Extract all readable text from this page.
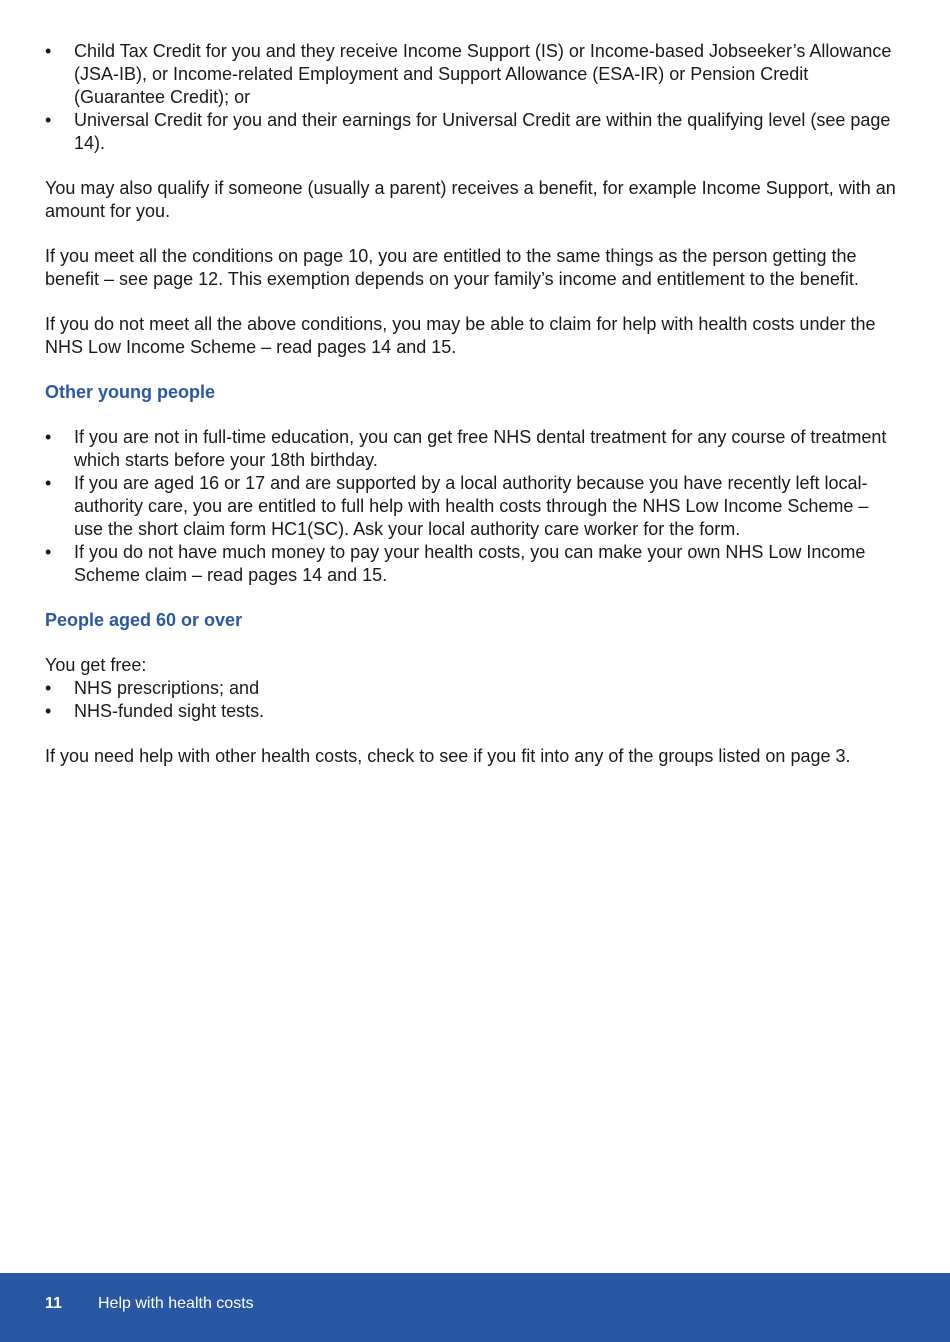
•	Child Tax Credit for you and they receive Income Support (IS) or Income-based Jobseeker’s Allowance (JSA-IB), or Income-related Employment and Support Allowance (ESA-IR) or Pension Credit (Guarantee Credit); or
•	Universal Credit for you and their earnings for Universal Credit are within the qualifying level (see page 14).

You may also qualify if someone (usually a parent) receives a benefit, for example Income Support, with an amount for you.

If you meet all the conditions on page 10, you are entitled to the same things as the person getting the benefit – see page 12. This exemption depends on your family’s income and entitlement to the benefit.

If you do not meet all the above conditions, you may be able to claim for help with health costs under the NHS Low Income Scheme – read pages 14 and 15.

Other young people
•	If you are not in full-time education, you can get free NHS dental treatment for any course of treatment which starts before your 18th birthday.
•	If you are aged 16 or 17 and are supported by a local authority because you have recently left local-authority care, you are entitled to full help with health costs through the NHS Low Income Scheme – use the short claim form HC1(SC). Ask your local authority care worker for the form.
•	If you do not have much money to pay your health costs, you can make your own NHS Low Income Scheme claim – read pages 14 and 15.
People aged 60 or over

You get free:

•	NHS prescriptions; and
•	NHS-funded sight tests.

If you need help with other health costs, check to see if you fit into any of the groups listed on page 3.

11 Help with health costs
